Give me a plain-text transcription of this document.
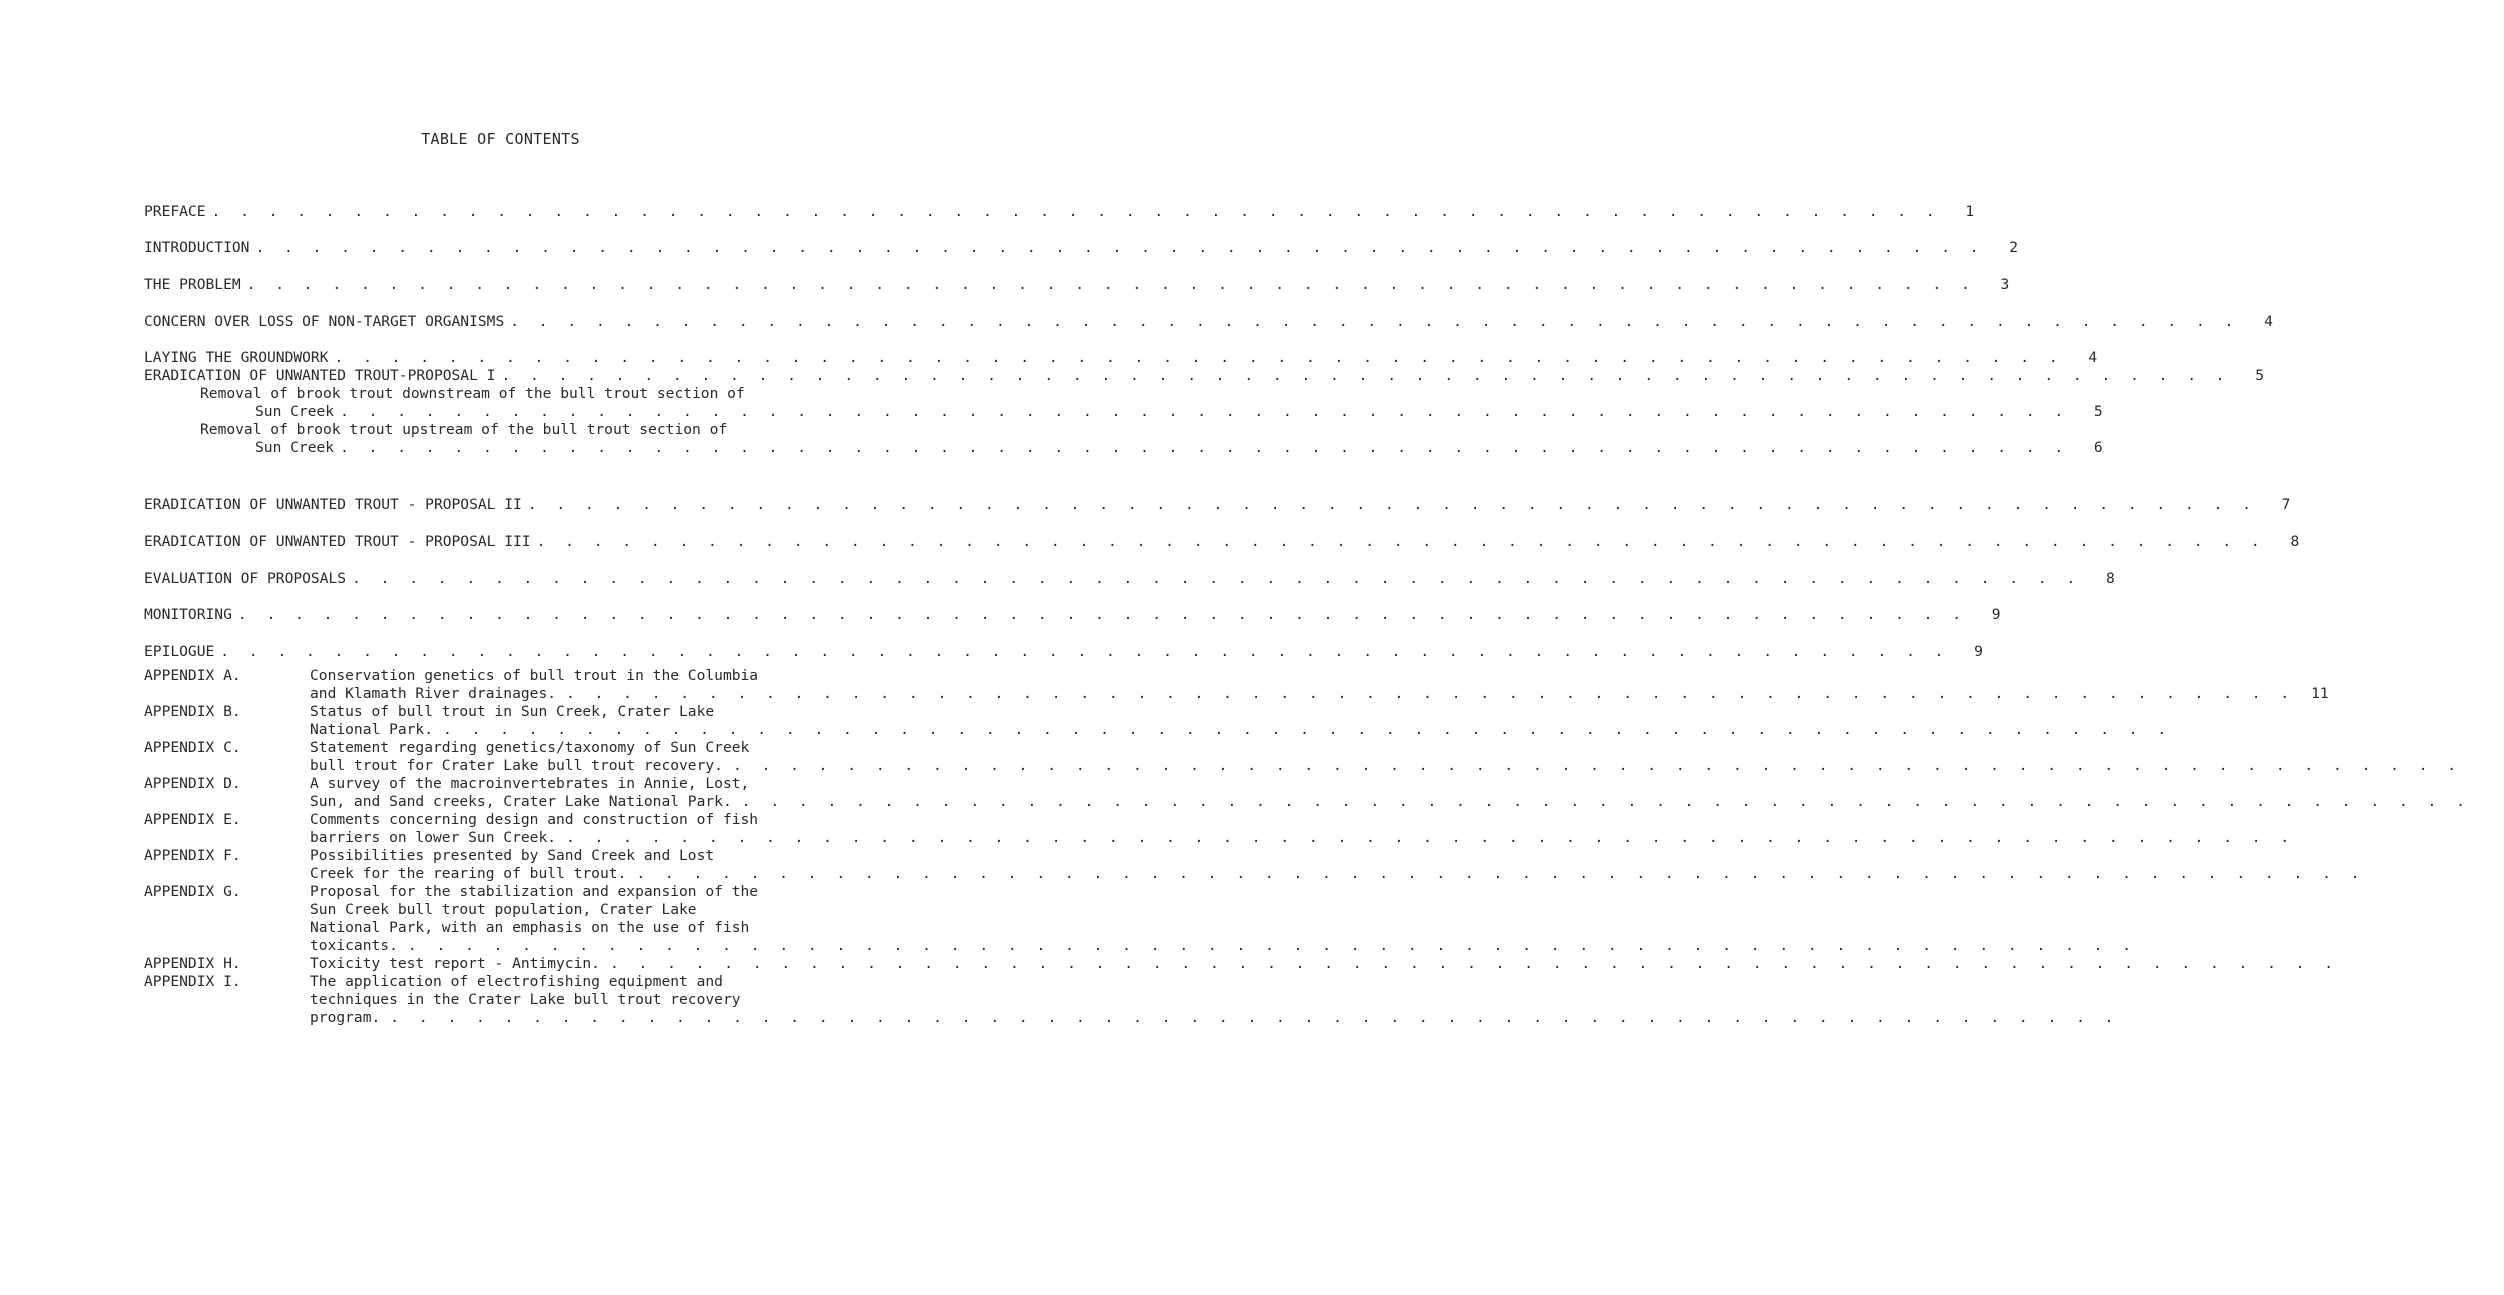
TABLE OF CONTENTS
PREFACE . . . . . . . . . . . . . . . . . . . . . . . . . . . . . . . . . . . . . . . . . . . . . . . . . . . . . . . . . . . . .	1
INTRODUCTION . . . . . . . . . . . . . . . . . . . . . . . . . . . . . . . . . . . . . . . . . . . . . . . . . . . . . . . . . . . . .	2
THE PROBLEM . . . . . . . . . . . . . . . . . . . . . . . . . . . . . . . . . . . . . . . . . . . . . . . . . . . . . . . . . . . . .	3
CONCERN OVER LOSS OF NON-TARGET ORGANISMS . . . . . . . . . . . . . . . . . . . . . . . . . . . . . . . . . . . . . . . . . . . . . . . . . . . . . . . . . . . . .	4
LAYING THE GROUNDWORK . . . . . . . . . . . . . . . . . . . . . . . . . . . . . . . . . . . . . . . . . . . . . . . . . . . . . . . . . . . . .	4
ERADICATION OF UNWANTED TROUT-PROPOSAL I . . . . . . . . . . . . . . . . . . . . . . . . . . . . . . . . . . . . . . . . . . . . . . . . . . . . . . . . . . . . .	5
Removal of brook trout downstream of the bull trout section of
Sun Creek . . . . . . . . . . . . . . . . . . . . . . . . . . . . . . . . . . . . . . . . . . . . . . . . . . . . . . . . . . . . .	5
Removal of brook trout upstream of the bull trout section of
Sun Creek . . . . . . . . . . . . . . . . . . . . . . . . . . . . . . . . . . . . . . . . . . . . . . . . . . . . . . . . . . . . .	6
ERADICATION OF UNWANTED TROUT - PROPOSAL II . . . . . . . . . . . . . . . . . . . . . . . . . . . . . . . . . . . . . . . . . . . . . . . . . . . . . . . . . . . . .	7
ERADICATION OF UNWANTED TROUT - PROPOSAL III . . . . . . . . . . . . . . . . . . . . . . . . . . . . . . . . . . . . . . . . . . . . . . . . . . . . . . . . . . . . .	8
EVALUATION OF PROPOSALS . . . . . . . . . . . . . . . . . . . . . . . . . . . . . . . . . . . . . . . . . . . . . . . . . . . . . . . . . . . . .	8
MONITORING . . . . . . . . . . . . . . . . . . . . . . . . . . . . . . . . . . . . . . . . . . . . . . . . . . . . . . . . . . . . .	9
EPILOGUE . . . . . . . . . . . . . . . . . . . . . . . . . . . . . . . . . . . . . . . . . . . . . . . . . . . . . . . . . . . . .	9
APPENDIX A.	Conservation genetics of bull trout in the Columbia
and Klamath River drainages. . . . . . . . . . . . . . . . . . . . . . . . . . . . . . . . . . . . . . . . . . . . . . . . . . . . . . . . . . . . . .	11
APPENDIX B.	Status of bull trout in Sun Creek, Crater Lake
National Park. . . . . . . . . . . . . . . . . . . . . . . . . . . . . . . . . . . . . . . . . . . . . . . . . . . . . . . . . . . . . .
APPENDIX C.	Statement regarding genetics/taxonomy of Sun Creek
bull trout for Crater Lake bull trout recovery. . . . . . . . . . . . . . . . . . . . . . . . . . . . . . . . . . . . . . . . . . . . . . . . . . . . . . . . . . . . . .
APPENDIX D.	A survey of the macroinvertebrates in Annie, Lost,
Sun, and Sand creeks, Crater Lake National Park. . . . . . . . . . . . . . . . . . . . . . . . . . . . . . . . . . . . . . . . . . . . . . . . . . . . . . . . . . . . . .
APPENDIX E.	Comments concerning design and construction of fish
barriers on lower Sun Creek. . . . . . . . . . . . . . . . . . . . . . . . . . . . . . . . . . . . . . . . . . . . . . . . . . . . . . . . . . . . . .
APPENDIX F.	Possibilities presented by Sand Creek and Lost
Creek for the rearing of bull trout. . . . . . . . . . . . . . . . . . . . . . . . . . . . . . . . . . . . . . . . . . . . . . . . . . . . . . . . . . . . . .
APPENDIX G.	Proposal for the stabilization and expansion of the
Sun Creek bull trout population, Crater Lake
National Park, with an emphasis on the use of fish
toxicants. . . . . . . . . . . . . . . . . . . . . . . . . . . . . . . . . . . . . . . . . . . . . . . . . . . . . . . . . . . . . .
APPENDIX H.	Toxicity test report - Antimycin. . . . . . . . . . . . . . . . . . . . . . . . . . . . . . . . . . . . . . . . . . . . . . . . . . . . . . . . . . . . . .
APPENDIX I.	The application of electrofishing equipment and
techniques in the Crater Lake bull trout recovery
program. . . . . . . . . . . . . . . . . . . . . . . . . . . . . . . . . . . . . . . . . . . . . . . . . . . . . . . . . . . . . .
